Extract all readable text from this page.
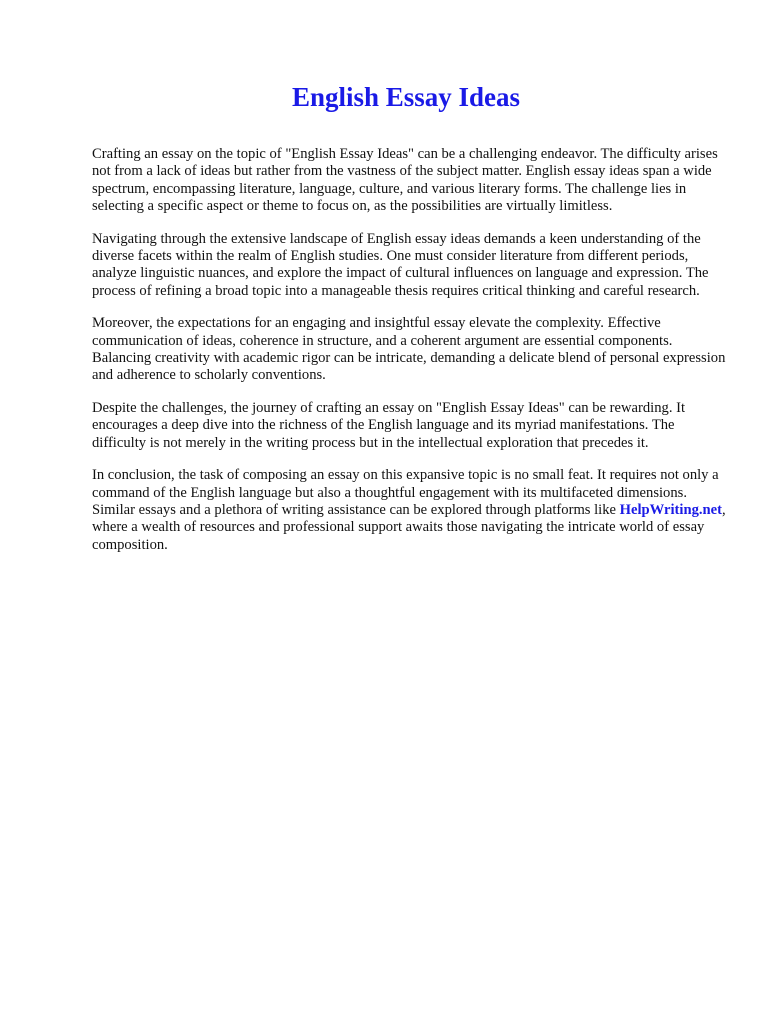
English Essay Ideas

Crafting an essay on the topic of "English Essay Ideas" can be a challenging endeavor. The difficulty arises not from a lack of ideas but rather from the vastness of the subject matter. English essay ideas span a wide spectrum, encompassing literature, language, culture, and various literary forms. The challenge lies in selecting a specific aspect or theme to focus on, as the possibilities are virtually limitless.

Navigating through the extensive landscape of English essay ideas demands a keen understanding of the diverse facets within the realm of English studies. One must consider literature from different periods, analyze linguistic nuances, and explore the impact of cultural influences on language and expression. The process of refining a broad topic into a manageable thesis requires critical thinking and careful research.

Moreover, the expectations for an engaging and insightful essay elevate the complexity. Effective communication of ideas, coherence in structure, and a coherent argument are essential components. Balancing creativity with academic rigor can be intricate, demanding a delicate blend of personal expression and adherence to scholarly conventions.

Despite the challenges, the journey of crafting an essay on "English Essay Ideas" can be rewarding. It encourages a deep dive into the richness of the English language and its myriad manifestations. The difficulty is not merely in the writing process but in the intellectual exploration that precedes it.

In conclusion, the task of composing an essay on this expansive topic is no small feat. It requires not only a command of the English language but also a thoughtful engagement with its multifaceted dimensions. Similar essays and a plethora of writing assistance can be explored through platforms like HelpWriting.net, where a wealth of resources and professional support awaits those navigating the intricate world of essay composition.
